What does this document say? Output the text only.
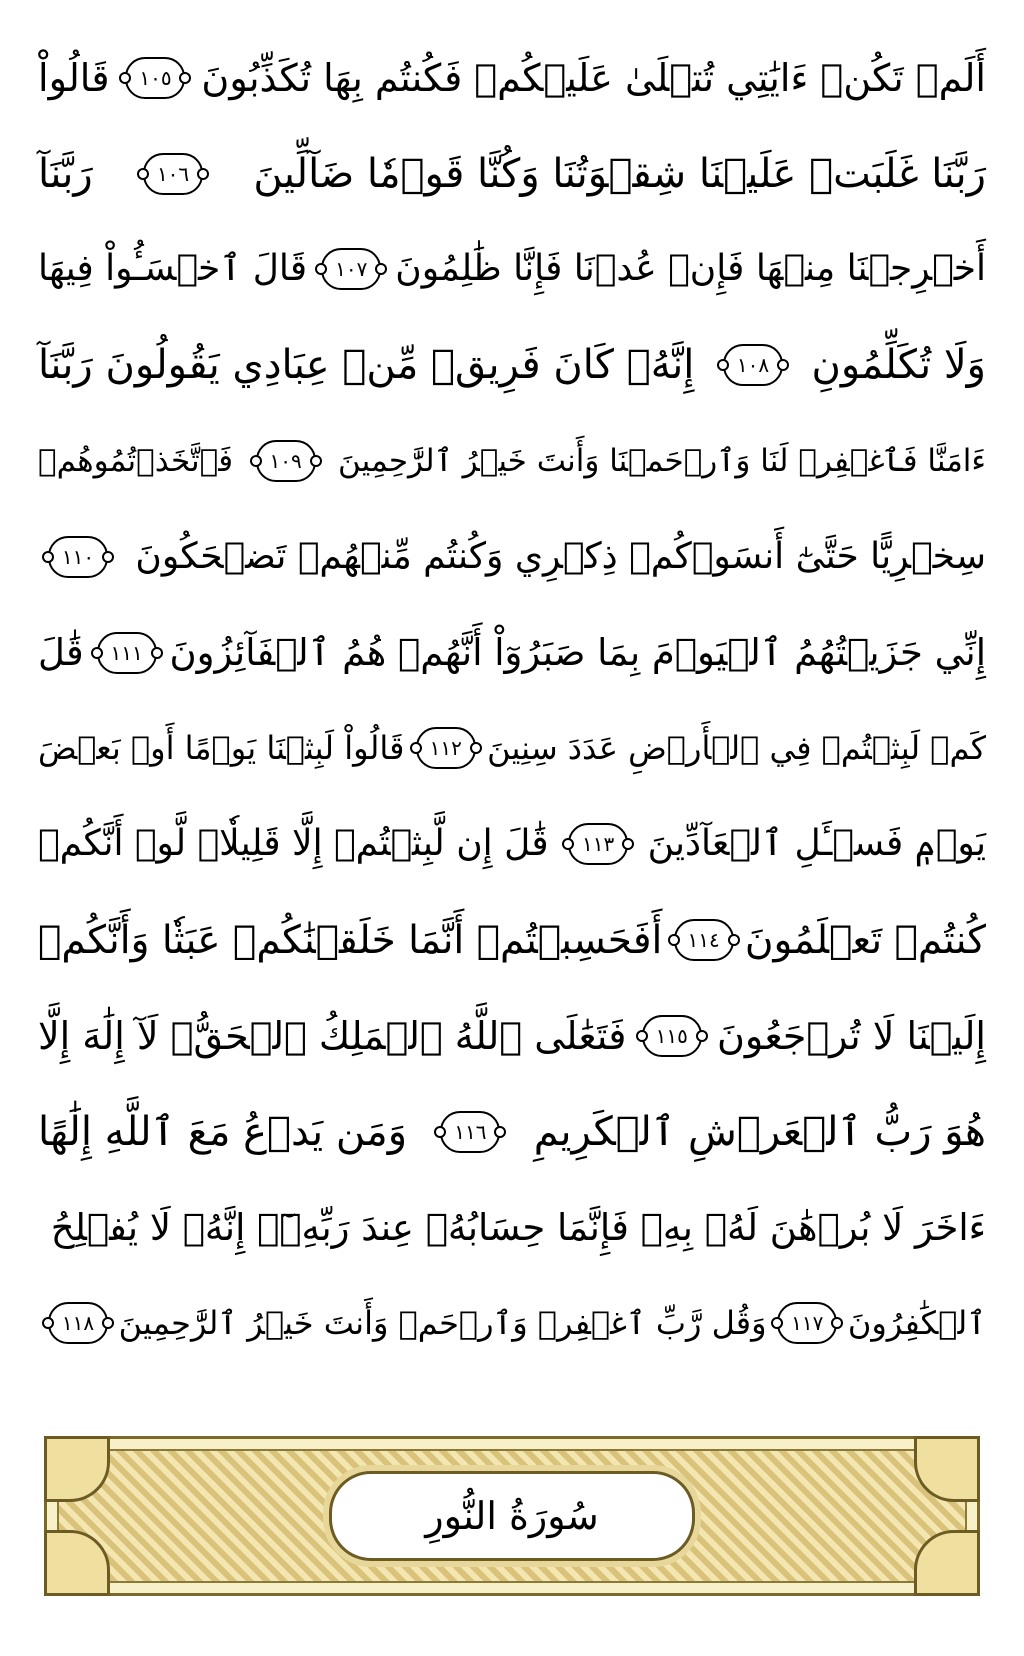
أَلَمۡ تَكُنۡ ءَايَٰتِي تُتۡلَىٰ عَلَيۡكُمۡ فَكُنتُم بِهَا تُكَذِّبُونَ
١٠٥
قَالُواْ
رَبَّنَا غَلَبَتۡ عَلَيۡنَا شِقۡوَتُنَا وَكُنَّا قَوۡمٗا ضَآلِّينَ
١٠٦
رَبَّنَآ
أَخۡرِجۡنَا مِنۡهَا فَإِنۡ عُدۡنَا فَإِنَّا ظَٰلِمُونَ
١٠٧
قَالَ ٱخۡسَـُٔواْ فِيهَا
وَلَا تُكَلِّمُونِ
١٠٨
إِنَّهُۥ كَانَ فَرِيقٞ مِّنۡ عِبَادِي يَقُولُونَ رَبَّنَآ
ءَامَنَّا فَٱغۡفِرۡ لَنَا وَٱرۡحَمۡنَا وَأَنتَ خَيۡرُ ٱلرَّٰحِمِينَ
١٠٩
فَٱتَّخَذۡتُمُوهُمۡ
سِخۡرِيًّا حَتَّىٰٓ أَنسَوۡكُمۡ ذِكۡرِي وَكُنتُم مِّنۡهُمۡ تَضۡحَكُونَ
١١٠
إِنِّي جَزَيۡتُهُمُ ٱلۡيَوۡمَ بِمَا صَبَرُوٓاْ أَنَّهُمۡ هُمُ ٱلۡفَآئِزُونَ
١١١
قَٰلَ
كَمۡ لَبِثۡتُمۡ فِي ٱلۡأَرۡضِ عَدَدَ سِنِينَ
١١٢
قَالُواْ لَبِثۡنَا يَوۡمًا أَوۡ بَعۡضَ
يَوۡمٖ فَسۡـَٔلِ ٱلۡعَآدِّينَ
١١٣
قَٰلَ إِن لَّبِثۡتُمۡ إِلَّا قَلِيلٗاۖ لَّوۡ أَنَّكُمۡ
كُنتُمۡ تَعۡلَمُونَ
١١٤
أَفَحَسِبۡتُمۡ أَنَّمَا خَلَقۡنَٰكُمۡ عَبَثٗا وَأَنَّكُمۡ
إِلَيۡنَا لَا تُرۡجَعُونَ
١١٥
فَتَعَٰلَى ٱللَّهُ ٱلۡمَلِكُ ٱلۡحَقُّۖ لَآ إِلَٰهَ إِلَّا
هُوَ رَبُّ ٱلۡعَرۡشِ ٱلۡكَرِيمِ
١١٦
وَمَن يَدۡعُ مَعَ ٱللَّهِ إِلَٰهًا
ءَاخَرَ لَا بُرۡهَٰنَ لَهُۥ بِهِۦ فَإِنَّمَا حِسَابُهُۥ عِندَ رَبِّهِۦٓۚ إِنَّهُۥ لَا يُفۡلِحُ
ٱلۡكَٰفِرُونَ
١١٧
وَقُل رَّبِّ ٱغۡفِرۡ وَٱرۡحَمۡ وَأَنتَ خَيۡرُ ٱلرَّٰحِمِينَ
١١٨
سُورَةُ النُّورِ
